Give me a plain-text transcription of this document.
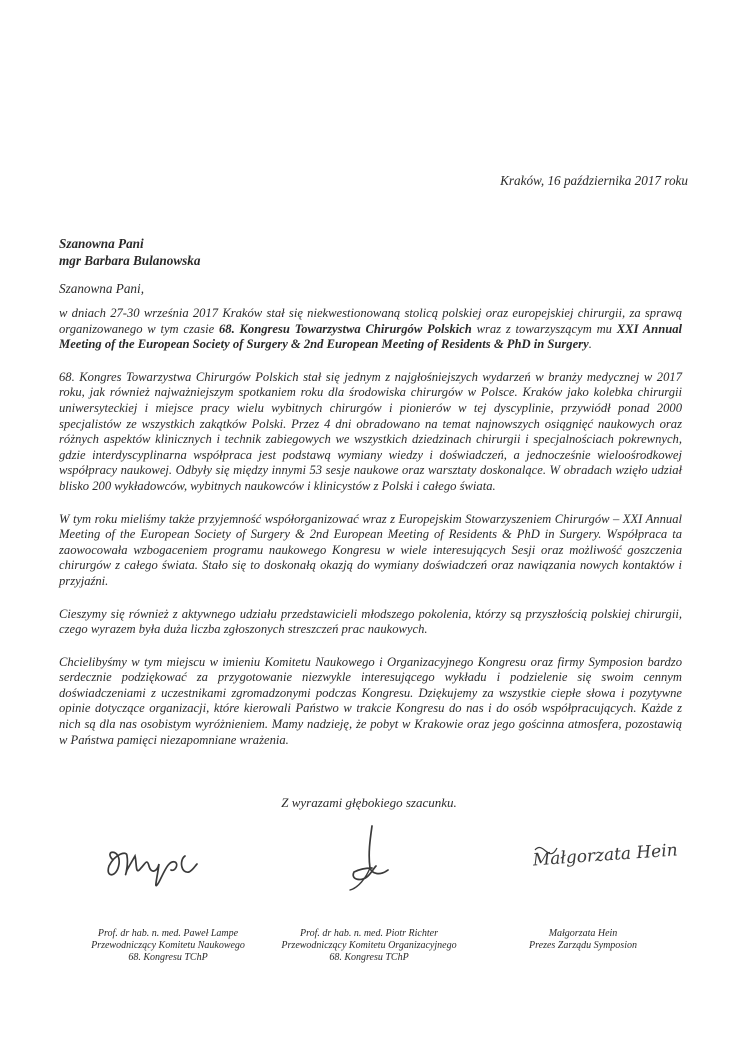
Kraków, 16 października 2017 roku
Szanowna Pani
mgr Barbara Bulanowska
Szanowna Pani,

w dniach 27-30 września 2017 Kraków stał się niekwestionowaną stolicą polskiej oraz europejskiej chirurgii, za sprawą organizowanego w tym czasie 68. Kongresu Towarzystwa Chirurgów Polskich wraz z towarzyszącym mu XXI Annual Meeting of the European Society of Surgery & 2nd European Meeting of Residents & PhD in Surgery.

68. Kongres Towarzystwa Chirurgów Polskich stał się jednym z najgłośniejszych wydarzeń w branży medycznej w 2017 roku, jak również najważniejszym spotkaniem roku dla środowiska chirurgów w Polsce. Kraków jako kolebka chirurgii uniwersyteckiej i miejsce pracy wielu wybitnych chirurgów i pionierów w tej dyscyplinie, przywiódł ponad 2000 specjalistów ze wszystkich zakątków Polski. Przez 4 dni obradowano na temat najnowszych osiągnięć naukowych oraz różnych aspektów klinicznych i technik zabiegowych we wszystkich dziedzinach chirurgii i specjalnościach pokrewnych, gdzie interdyscyplinarna współpraca jest podstawą wymiany wiedzy i doświadczeń, a jednocześnie wieloośrodkowej współpracy naukowej. Odbyły się między innymi 53 sesje naukowe oraz warsztaty doskonalące. W obradach wzięło udział blisko 200 wykładowców, wybitnych naukowców i klinicystów z Polski i całego świata.

W tym roku mieliśmy także przyjemność współorganizować wraz z Europejskim Stowarzyszeniem Chirurgów – XXI Annual Meeting of the European Society of Surgery & 2nd European Meeting of Residents & PhD in Surgery. Współpraca ta zaowocowała wzbogaceniem programu naukowego Kongresu w wiele interesujących Sesji oraz możliwość goszczenia chirurgów z całego świata. Stało się to doskonałą okazją do wymiany doświadczeń oraz nawiązania nowych kontaktów i przyjaźni.

Cieszymy się również z aktywnego udziału przedstawicieli młodszego pokolenia, którzy są przyszłością polskiej chirurgii, czego wyrazem była duża liczba zgłoszonych streszczeń prac naukowych.

Chcielibyśmy w tym miejscu w imieniu Komitetu Naukowego i Organizacyjnego Kongresu oraz firmy Symposion bardzo serdecznie podziękować za przygotowanie niezwykle interesującego wykładu i podzielenie się swoim cennym doświadczeniami z uczestnikami zgromadzonymi podczas Kongresu. Dziękujemy za wszystkie ciepłe słowa i pozytywne opinie dotyczące organizacji, które kierowali Państwo w trakcie Kongresu do nas i do osób współpracujących. Każde z nich są dla nas osobistym wyróżnieniem. Mamy nadzieję, że pobyt w Krakowie oraz jego gościnna atmosfera, pozostawią w Państwa pamięci niezapomniane wrażenia.

Z wyrazami głębokiego szacunku.
Małgorzata Hein
Prof. dr hab. n. med. Paweł Lampe
Przewodniczący Komitetu Naukowego
68. Kongresu TChP
Prof. dr hab. n. med. Piotr Richter
Przewodniczący Komitetu Organizacyjnego
68. Kongresu TChP
Małgorzata Hein
Prezes Zarządu Symposion
